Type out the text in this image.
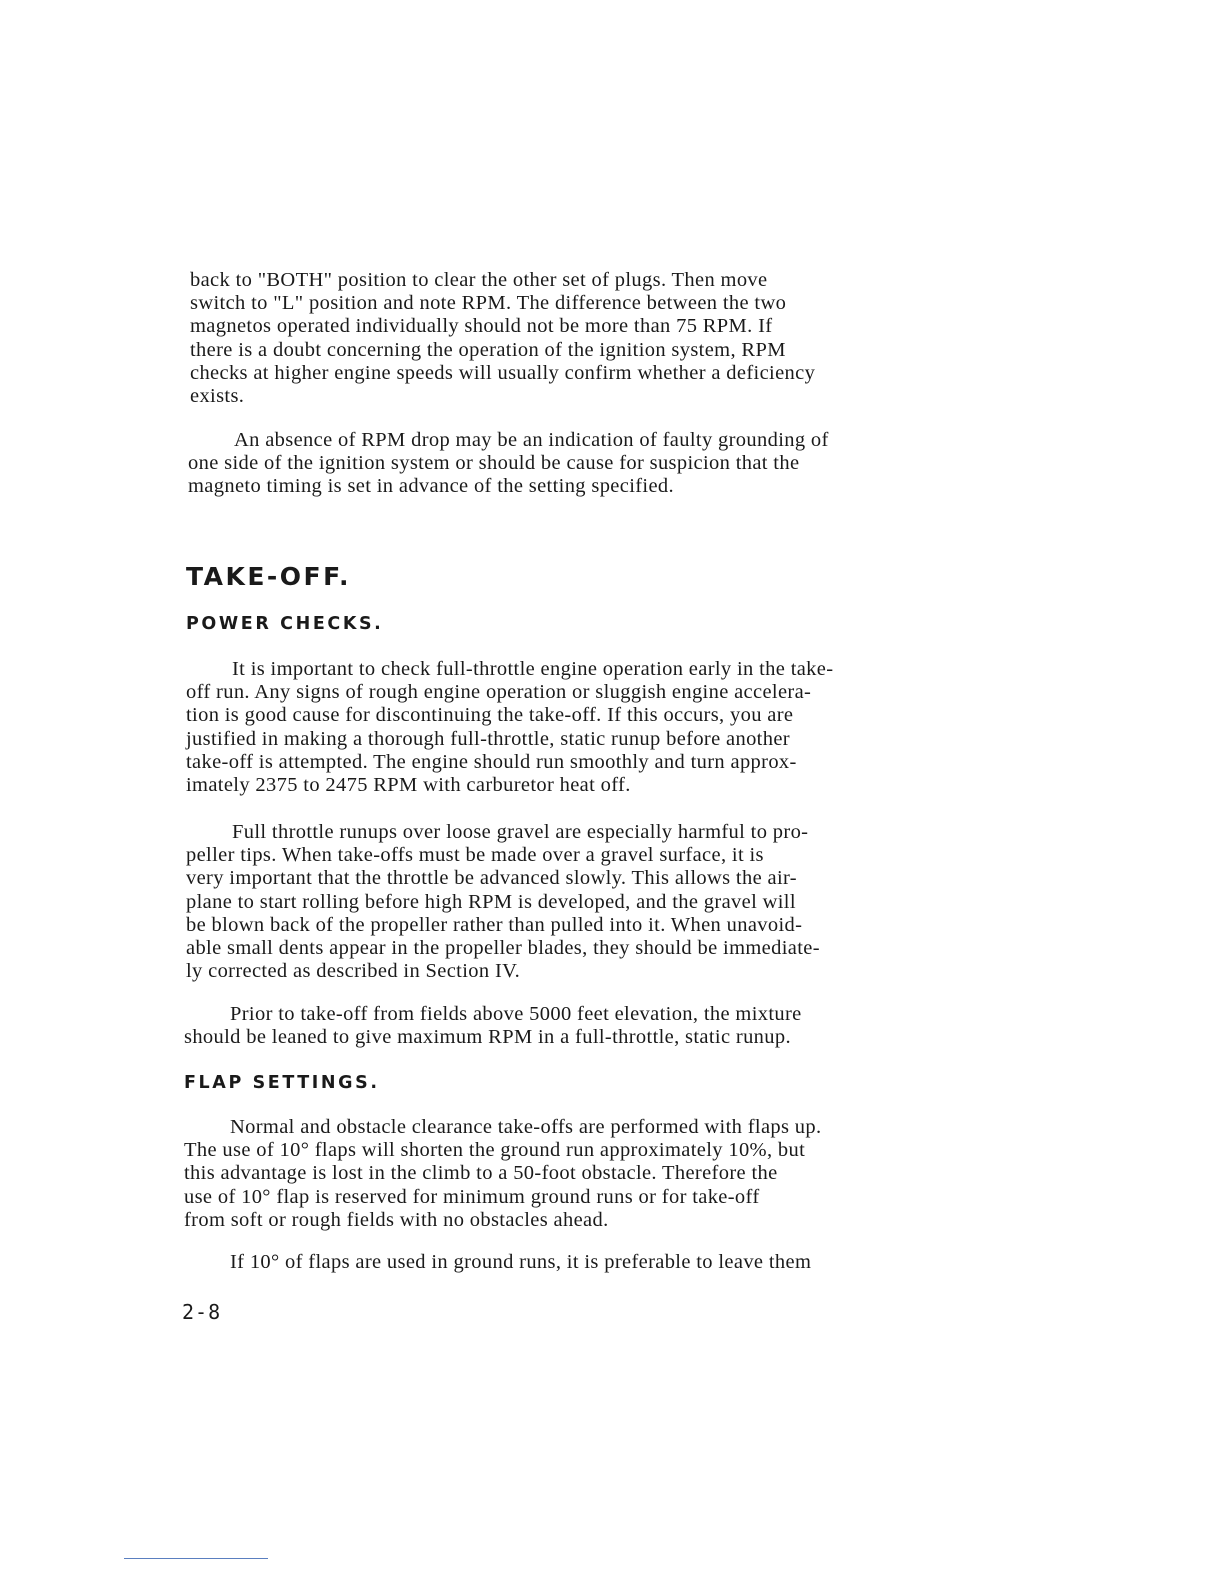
back to "BOTH" position to clear the other set of plugs. Then move
switch to "L" position and note RPM. The difference between the two
magnetos operated individually should not be more than 75 RPM. If
there is a doubt concerning the operation of the ignition system, RPM
checks at higher engine speeds will usually confirm whether a deficiency
exists.
An absence of RPM drop may be an indication of faulty grounding of
one side of the ignition system or should be cause for suspicion that the
magneto timing is set in advance of the setting specified.
TAKE-OFF.
POWER CHECKS.
It is important to check full-throttle engine operation early in the take-
off run. Any signs of rough engine operation or sluggish engine accelera-
tion is good cause for discontinuing the take-off. If this occurs, you are
justified in making a thorough full-throttle, static runup before another
take-off is attempted. The engine should run smoothly and turn approx-
imately 2375 to 2475 RPM with carburetor heat off.
Full throttle runups over loose gravel are especially harmful to pro-
peller tips. When take-offs must be made over a gravel surface, it is
very important that the throttle be advanced slowly. This allows the air-
plane to start rolling before high RPM is developed, and the gravel will
be blown back of the propeller rather than pulled into it. When unavoid-
able small dents appear in the propeller blades, they should be immediate-
ly corrected as described in Section IV.
Prior to take-off from fields above 5000 feet elevation, the mixture
should be leaned to give maximum RPM in a full-throttle, static runup.
FLAP SETTINGS.
Normal and obstacle clearance take-offs are performed with flaps up.
The use of 10° flaps will shorten the ground run approximately 10%, but
this advantage is lost in the climb to a 50-foot obstacle. Therefore the
use of 10° flap is reserved for minimum ground runs or for take-off
from soft or rough fields with no obstacles ahead.
If 10° of flaps are used in ground runs, it is preferable to leave them
2-8
